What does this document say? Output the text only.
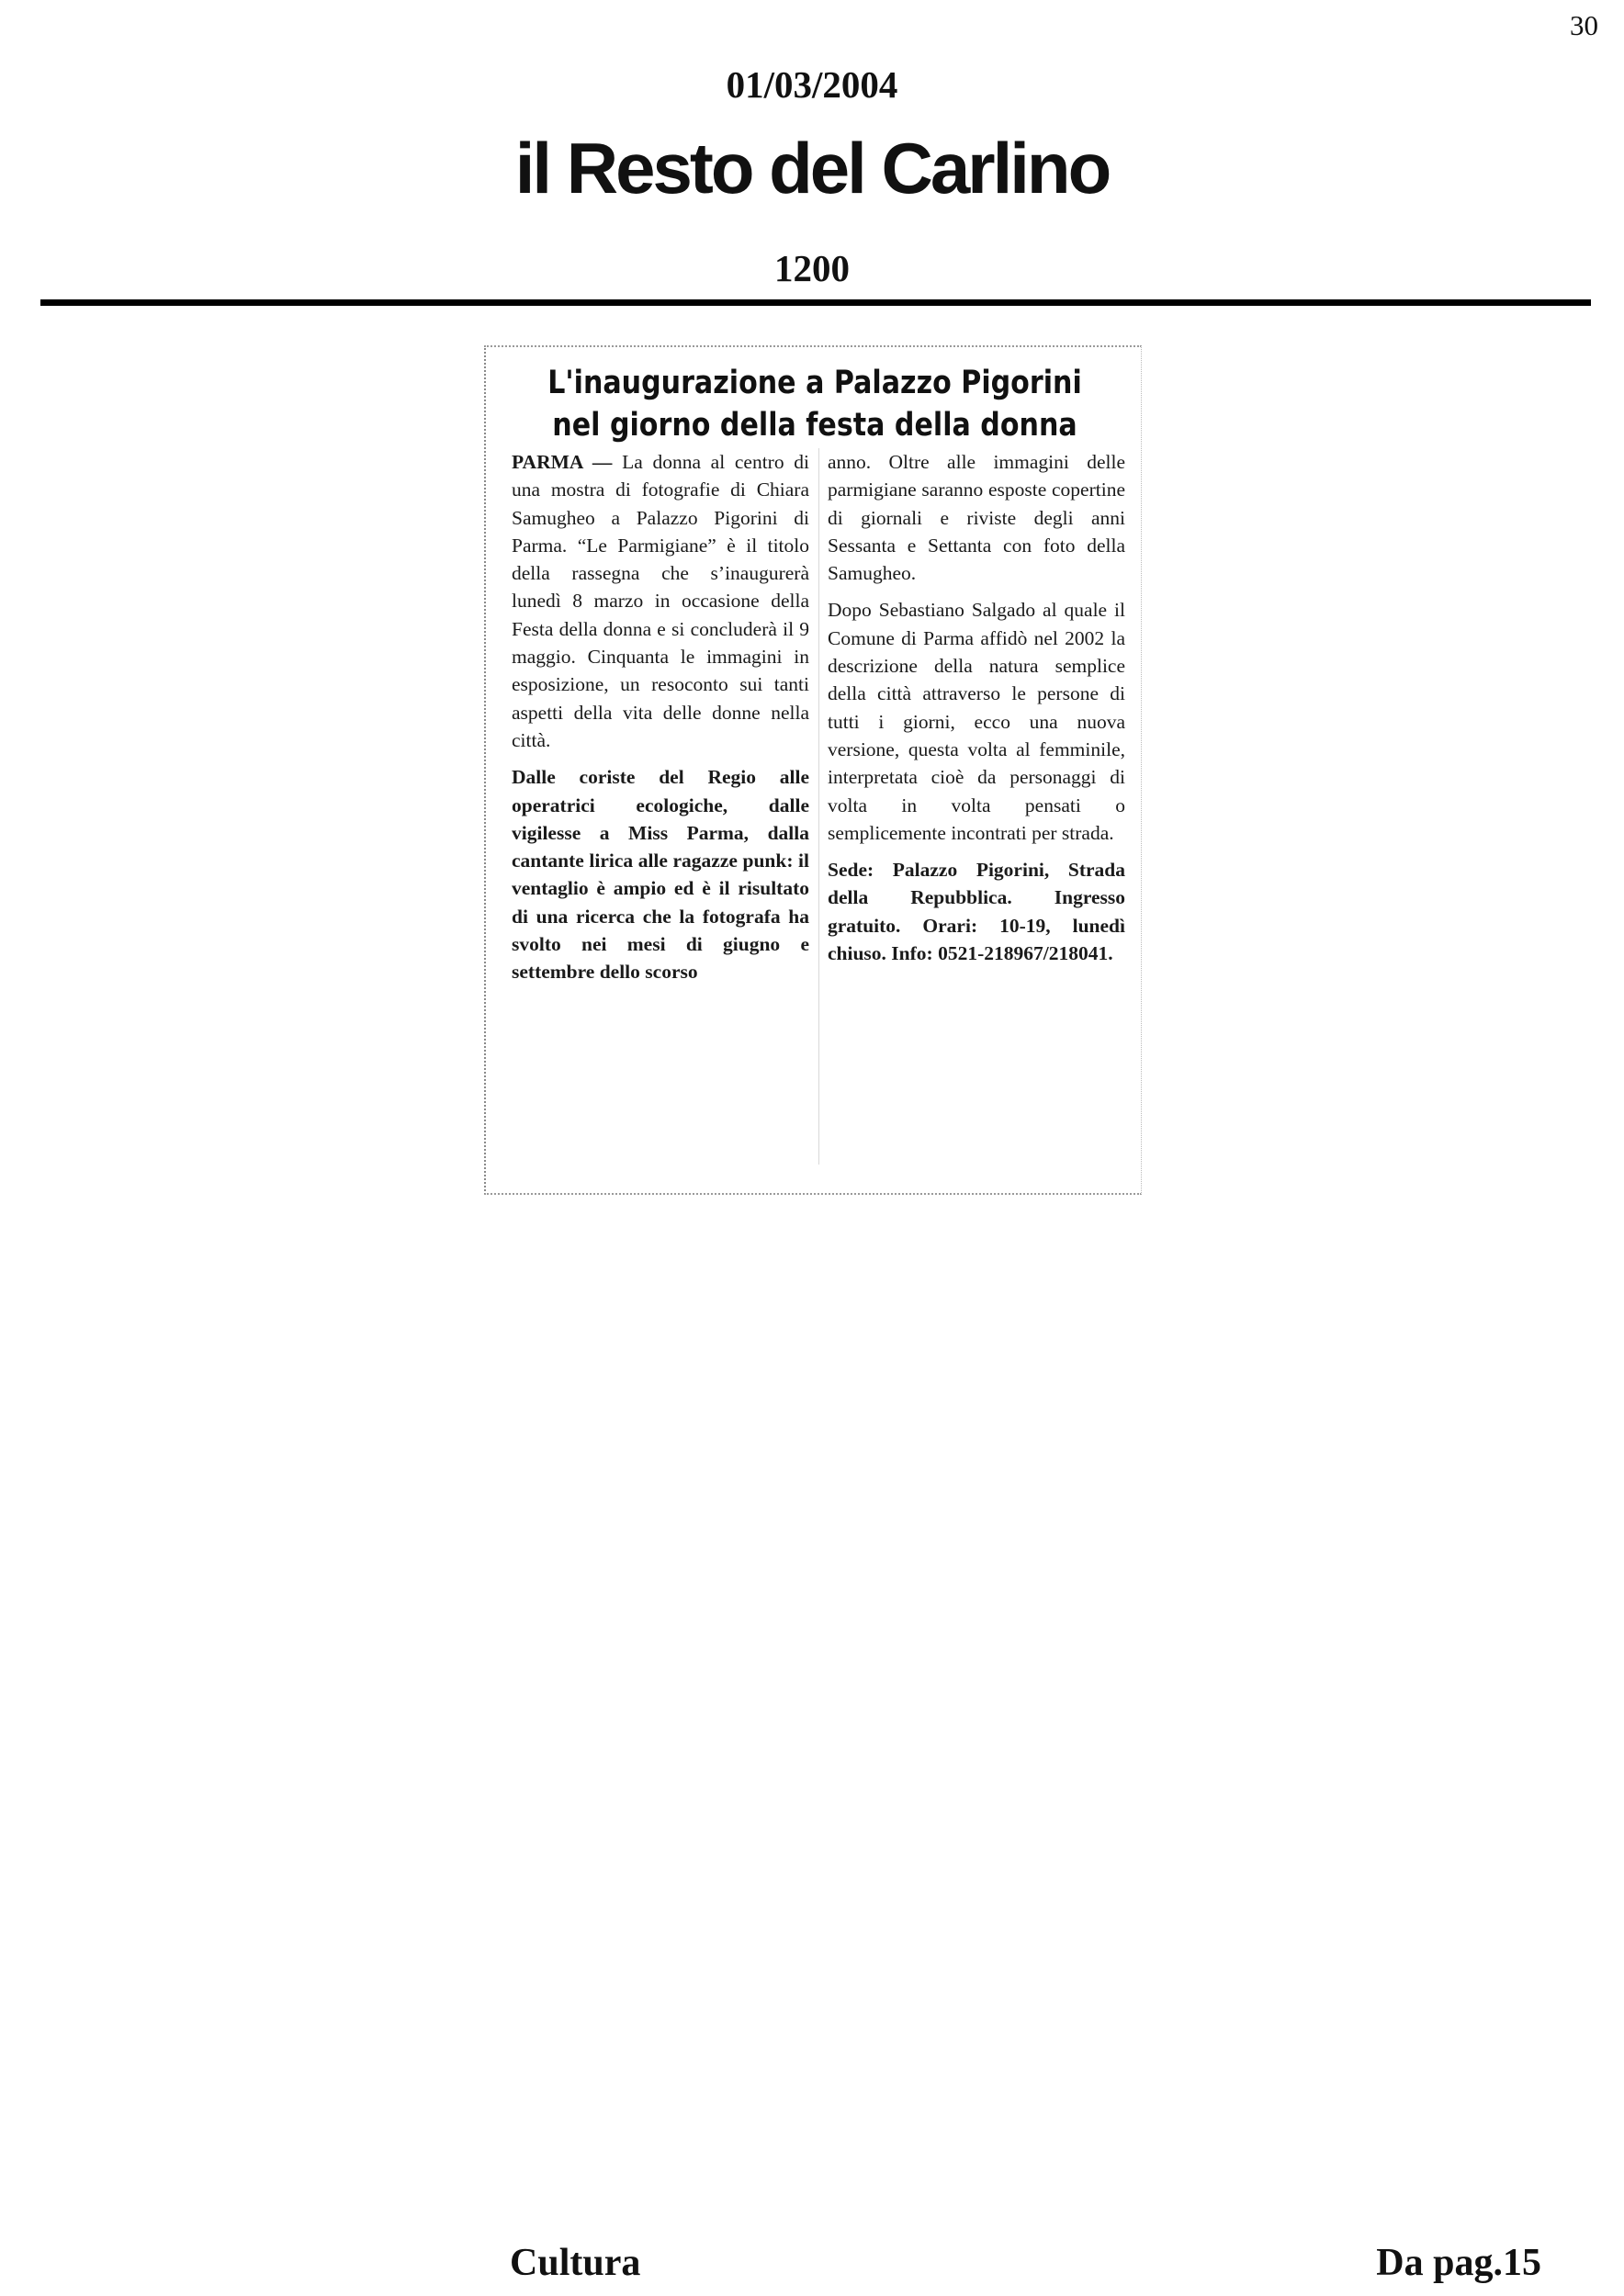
30
01/03/2004
il Resto del Carlino
1200
L'inaugurazione a Palazzo Pigorini
nel giorno della festa della donna

PARMA — La donna al centro di una mostra di fotografie di Chiara Samugheo a Palazzo Pigorini di Parma. “Le Parmigiane” è il titolo della rassegna che s’inaugurerà lunedì 8 marzo in occasione della Festa della donna e si concluderà il 9 maggio. Cinquanta le immagini in esposizione, un resoconto sui tanti aspetti della vita delle donne nella città.

Dalle coriste del Regio alle operatrici ecologiche, dalle vigilesse a Miss Parma, dalla cantante lirica alle ragazze punk: il ventaglio è ampio ed è il risultato di una ricerca che la fotografa ha svolto nei mesi di giugno e settembre dello scorso

anno. Oltre alle immagini delle parmigiane saranno esposte copertine di giornali e riviste degli anni Sessanta e Settanta con foto della Samugheo.

Dopo Sebastiano Salgado al quale il Comune di Parma affidò nel 2002 la descrizione della natura semplice della città attraverso le persone di tutti i giorni, ecco una nuova versione, questa volta al femminile, interpretata cioè da personaggi di volta in volta pensati o semplicemente incontrati per strada.

Sede: Palazzo Pigorini, Strada della Repubblica. Ingresso gratuito. Orari: 10-19, lunedì chiuso. Info: 0521-218967/218041.

Cultura	Da pag.15
